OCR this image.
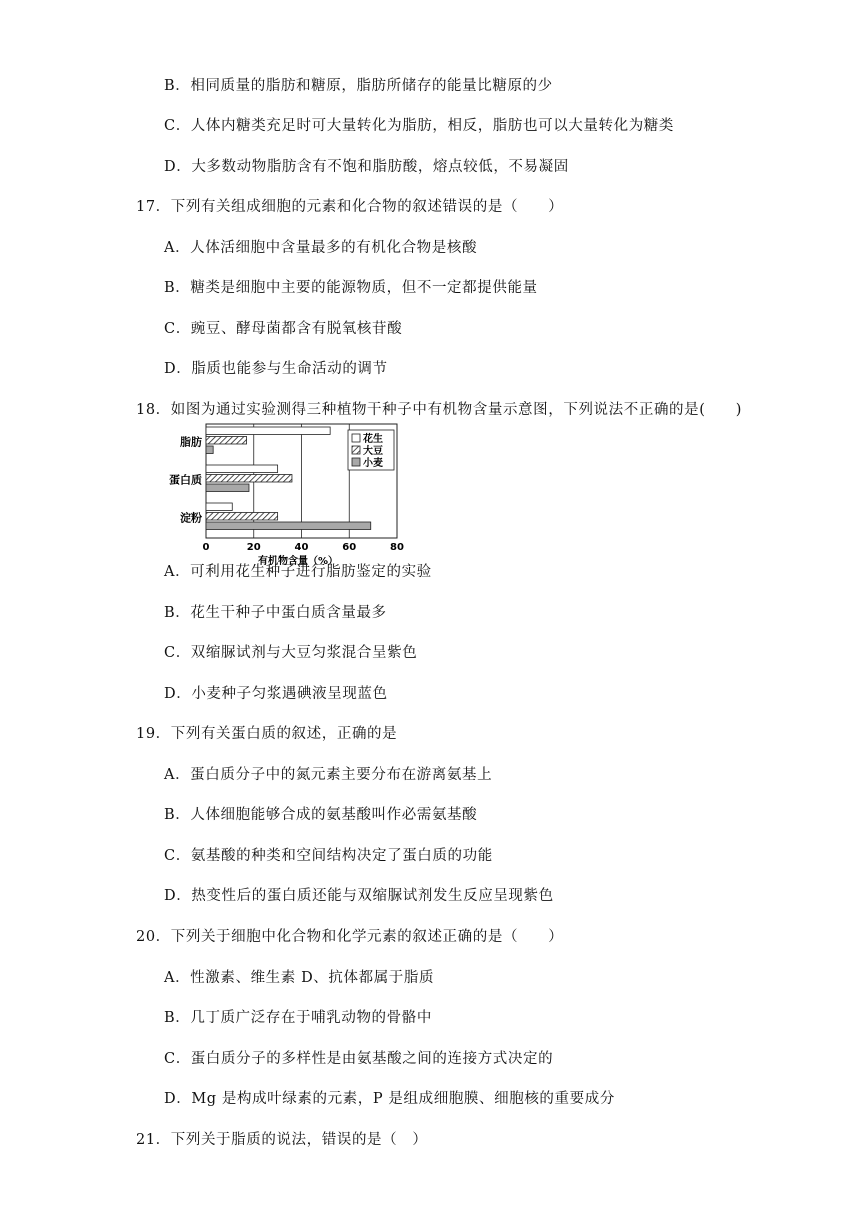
B．相同质量的脂肪和糖原，脂肪所储存的能量比糖原的少
C．人体内糖类充足时可大量转化为脂肪，相反，脂肪也可以大量转化为糖类
D．大多数动物脂肪含有不饱和脂肪酸，熔点较低，不易凝固
17．下列有关组成细胞的元素和化合物的叙述错误的是（　　）
A．人体活细胞中含量最多的有机化合物是核酸
B．糖类是细胞中主要的能源物质，但不一定都提供能量
C．豌豆、酵母菌都含有脱氧核苷酸
D．脂质也能参与生命活动的调节
18．如图为通过实验测得三种植物干种子中有机物含量示意图，下列说法不正确的是(　　)
脂肪
蛋白质
淀粉
0	20	40	60	80
花生
大豆
小麦
有机物含量（%）
A．可利用花生种子进行脂肪鉴定的实验
B．花生干种子中蛋白质含量最多
C．双缩脲试剂与大豆匀浆混合呈紫色
D．小麦种子匀浆遇碘液呈现蓝色
19．下列有关蛋白质的叙述，正确的是
A．蛋白质分子中的氮元素主要分布在游离氨基上
B．人体细胞能够合成的氨基酸叫作必需氨基酸
C．氨基酸的种类和空间结构决定了蛋白质的功能
D．热变性后的蛋白质还能与双缩脲试剂发生反应呈现紫色
20．下列关于细胞中化合物和化学元素的叙述正确的是（　　）
A．性激素、维生素 D、抗体都属于脂质
B．几丁质广泛存在于哺乳动物的骨骼中
C．蛋白质分子的多样性是由氨基酸之间的连接方式决定的
D．Mg 是构成叶绿素的元素，P 是组成细胞膜、细胞核的重要成分
21．下列关于脂质的说法，错误的是（　）
